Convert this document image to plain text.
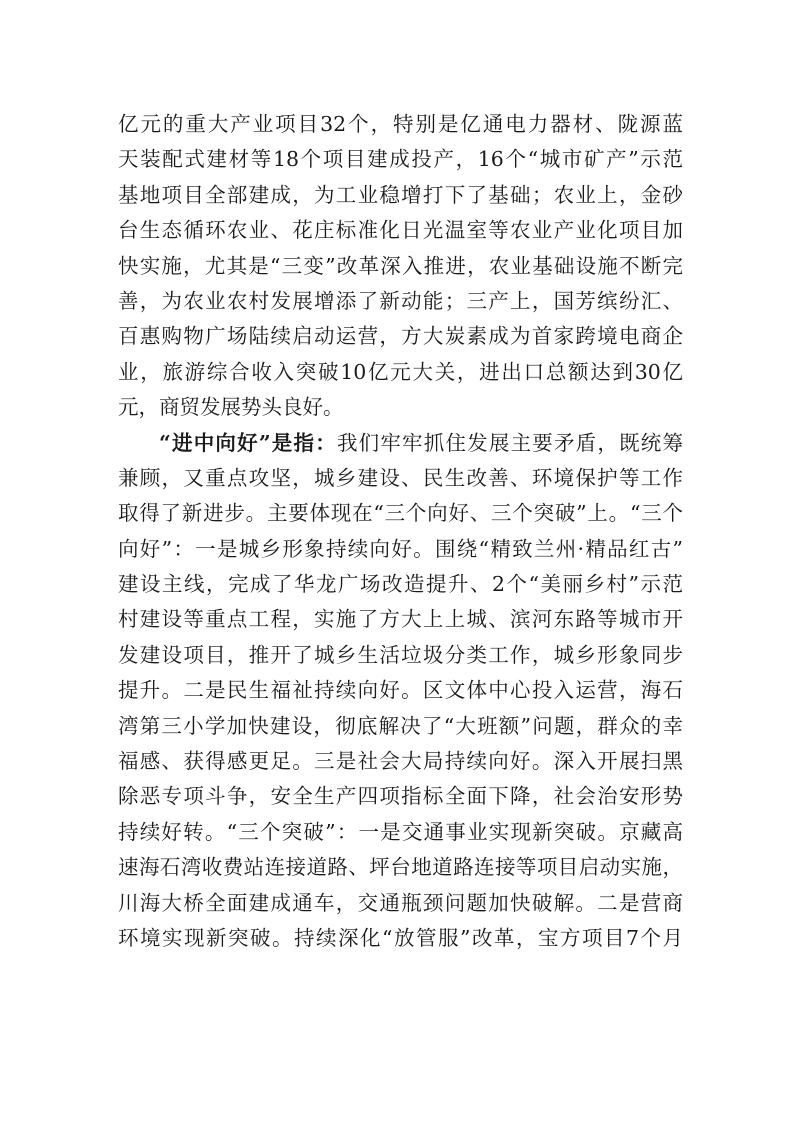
亿元的重大产业项目32个，特别是亿通电力器材、陇源蓝
天装配式建材等18个项目建成投产，16个“城市矿产”示范
基地项目全部建成，为工业稳增打下了基础；农业上，金砂
台生态循环农业、花庄标准化日光温室等农业产业化项目加
快实施，尤其是“三变”改革深入推进，农业基础设施不断完
善，为农业农村发展增添了新动能；三产上，国芳缤纷汇、
百惠购物广场陆续启动运营，方大炭素成为首家跨境电商企
业，旅游综合收入突破10亿元大关，进出口总额达到30亿
元，商贸发展势头良好。
“进中向好”是指：我们牢牢抓住发展主要矛盾，既统筹
兼顾，又重点攻坚，城乡建设、民生改善、环境保护等工作
取得了新进步。主要体现在“三个向好、三个突破”上。“三个
向好”：一是城乡形象持续向好。围绕“精致兰州·精品红古”
建设主线，完成了华龙广场改造提升、2个“美丽乡村”示范
村建设等重点工程，实施了方大上上城、滨河东路等城市开
发建设项目，推开了城乡生活垃圾分类工作，城乡形象同步
提升。二是民生福祉持续向好。区文体中心投入运营，海石
湾第三小学加快建设，彻底解决了“大班额”问题，群众的幸
福感、获得感更足。三是社会大局持续向好。深入开展扫黑
除恶专项斗争，安全生产四项指标全面下降，社会治安形势
持续好转。“三个突破”：一是交通事业实现新突破。京藏高
速海石湾收费站连接道路、坪台地道路连接等项目启动实施，
川海大桥全面建成通车，交通瓶颈问题加快破解。二是营商
环境实现新突破。持续深化“放管服”改革，宝方项目7个月
